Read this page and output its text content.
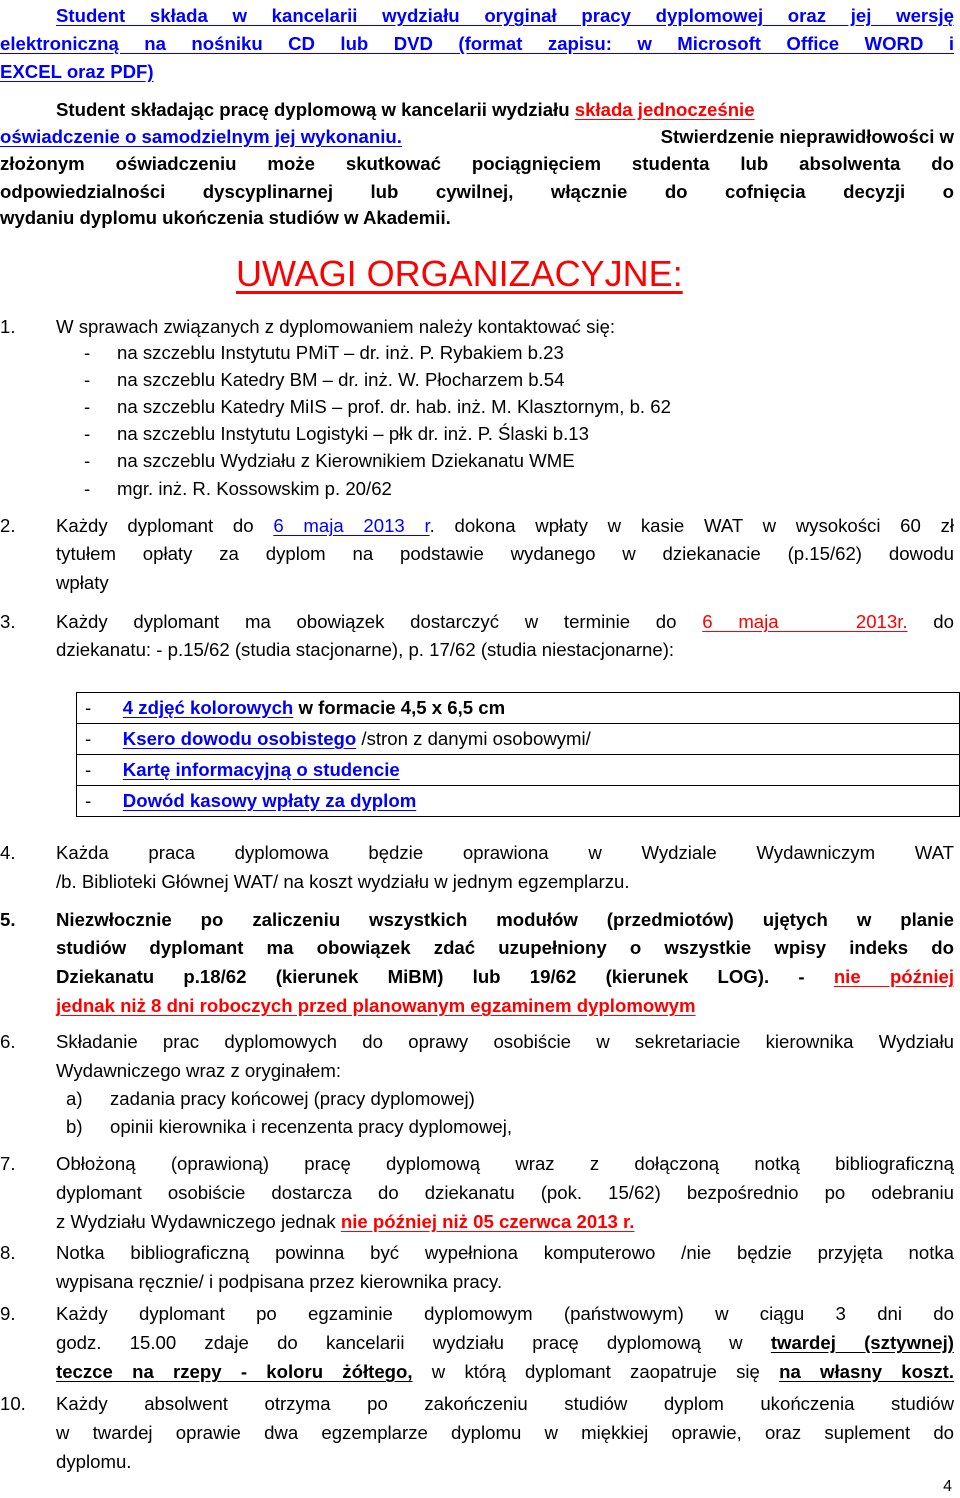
Student składa w kancelarii wydziału oryginał pracy dyplomowej oraz jej wersję
elektroniczną na nośniku CD lub DVD (format zapisu: w Microsoft Office WORD i
EXCEL oraz PDF)
Student składając pracę dyplomową w kancelarii wydziału składa jednocześnie
oświadczenie o samodzielnym jej wykonaniu.	Stwierdzenie nieprawidłowości w
złożonym oświadczeniu może skutkować pociągnięciem studenta lub absolwenta do
odpowiedzialności dyscyplinarnej lub cywilnej, włącznie do cofnięcia decyzji o
wydaniu dyplomu ukończenia studiów w Akademii.
UWAGI ORGANIZACYJNE:
1.	W sprawach związanych z dyplomowaniem należy kontaktować się:
- na szczeblu Instytutu PMiT – dr. inż. P. Rybakiem b.23
- na szczeblu Katedry BM – dr. inż. W. Płocharzem b.54
- na szczeblu Katedry MiIS – prof. dr. hab. inż. M. Klasztornym, b. 62
- na szczeblu Instytutu Logistyki – płk dr. inż. P. Ślaski b.13
- na szczeblu Wydziału z Kierownikiem Dziekanatu WME
- mgr. inż. R. Kossowskim p. 20/62
2.	Każdy dyplomant do 6 maja 2013 r. dokona wpłaty w kasie WAT w wysokości 60 zł
tytułem opłaty za dyplom na podstawie wydanego w dziekanacie (p.15/62) dowodu
wpłaty
3.	Każdy dyplomant ma obowiązek dostarczyć w terminie do 6 maja   2013r. do
dziekanatu: - p.15/62 (studia stacjonarne), p. 17/62 (studia niestacjonarne):
-	4 zdjęć kolorowych w formacie 4,5 x 6,5 cm
-	Ksero dowodu osobistego /stron z danymi osobowymi/
-	Kartę informacyjną o studencie
-	Dowód kasowy wpłaty za dyplom
4.	Każda praca dyplomowa będzie oprawiona w Wydziale Wydawniczym WAT
/b. Biblioteki Głównej WAT/ na koszt wydziału w jednym egzemplarzu.
5.	Niezwłocznie po zaliczeniu wszystkich modułów (przedmiotów) ujętych w planie
studiów dyplomant ma obowiązek zdać uzupełniony o wszystkie wpisy indeks do
Dziekanatu p.18/62 (kierunek MiBM) lub 19/62 (kierunek LOG). - nie później
jednak niż 8 dni roboczych przed planowanym egzaminem dyplomowym
6.	Składanie prac dyplomowych do oprawy osobiście w sekretariacie kierownika Wydziału
Wydawniczego wraz z oryginałem:
a) zadania pracy końcowej (pracy dyplomowej)
b) opinii kierownika i recenzenta pracy dyplomowej,
7.	Obłożoną (oprawioną) pracę dyplomową wraz z dołączoną notką bibliograficzną
dyplomant osobiście dostarcza do dziekanatu (pok. 15/62) bezpośrednio po odebraniu
z Wydziału Wydawniczego jednak nie później niż 05 czerwca 2013 r.
8.	Notka bibliograficzną powinna być wypełniona komputerowo /nie będzie przyjęta notka
wypisana ręcznie/ i podpisana przez kierownika pracy.
9.	Każdy dyplomant po egzaminie dyplomowym (państwowym) w ciągu 3 dni do
godz. 15.00 zdaje do kancelarii wydziału pracę dyplomową w twardej (sztywnej)
teczce na rzepy - koloru żółtego, w którą dyplomant zaopatruje się na własny koszt.
10.	Każdy absolwent otrzyma po zakończeniu studiów dyplom ukończenia studiów
w twardej oprawie dwa egzemplarze dyplomu w miękkiej oprawie, oraz suplement do
dyplomu.
4
